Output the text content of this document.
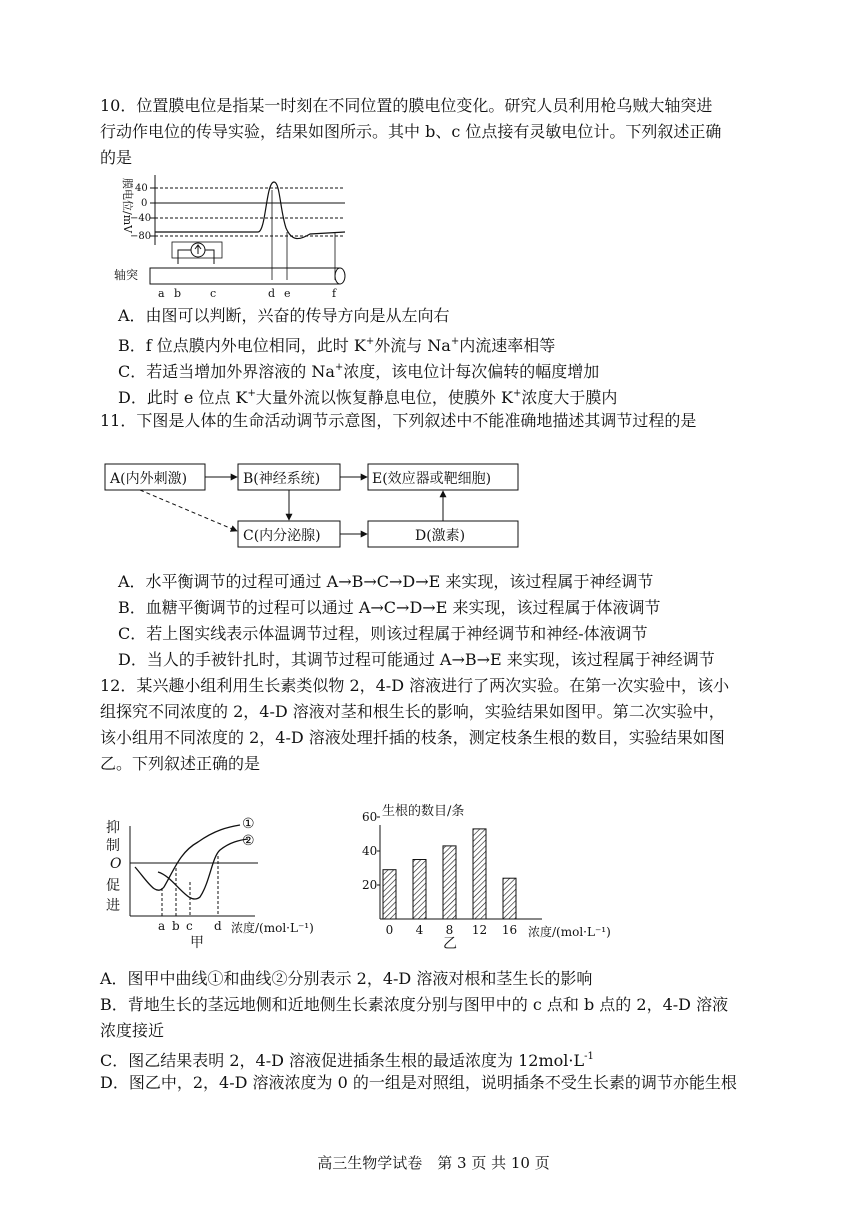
10．位置膜电位是指某一时刻在不同位置的膜电位变化。研究人员利用枪乌贼大轴突进
行动作电位的传导实验，结果如图所示。其中 b、c 位点接有灵敏电位计。下列叙述正确
的是
膜电位/mV 40
0
−40
−80
轴突
a b	c	d e	f
A．由图可以判断，兴奋的传导方向是从左向右
B．f 位点膜内外电位相同，此时 K+外流与 Na+内流速率相等
C．若适当增加外界溶液的 Na+浓度，该电位计每次偏转的幅度增加
D．此时 e 位点 K+大量外流以恢复静息电位，使膜外 K+浓度大于膜内
11．下图是人体的生命活动调节示意图，下列叙述中不能准确地描述其调节过程的是
A(内外刺激)	B(神经系统)	E(效应器或靶细胞)
C(内分泌腺)	D(激素)
A．水平衡调节的过程可通过 A→B→C→D→E 来实现，该过程属于神经调节
B．血糖平衡调节的过程可以通过 A→C→D→E 来实现，该过程属于体液调节
C．若上图实线表示体温调节过程，则该过程属于神经调节和神经-体液调节
D．当人的手被针扎时，其调节过程可能通过 A→B→E 来实现，该过程属于神经调节
12．某兴趣小组利用生长素类似物 2，4-D 溶液进行了两次实验。在第一次实验中，该小
组探究不同浓度的 2，4-D 溶液对茎和根生长的影响，实验结果如图甲。第二次实验中，
该小组用不同浓度的 2，4-D 溶液处理扦插的枝条，测定枝条生根的数目，实验结果如图
乙。下列叙述正确的是
抑
制
O
促
进
①
②
a b c d 浓度/(mol·L⁻¹)
甲
生根的数目/条
20
40
60
0 4 8 12 16 浓度/(mol·L⁻¹)
乙
A．图甲中曲线①和曲线②分别表示 2，4-D 溶液对根和茎生长的影响
B．背地生长的茎远地侧和近地侧生长素浓度分别与图甲中的 c 点和 b 点的 2，4-D 溶液
浓度接近
C．图乙结果表明 2，4-D 溶液促进插条生根的最适浓度为 $12mol\cdot L^{-1}$
D．图乙中，2，4-D 溶液浓度为 0 的一组是对照组，说明插条不受生长素的调节亦能生根
高三生物学试卷　第 3 页 共 10 页
